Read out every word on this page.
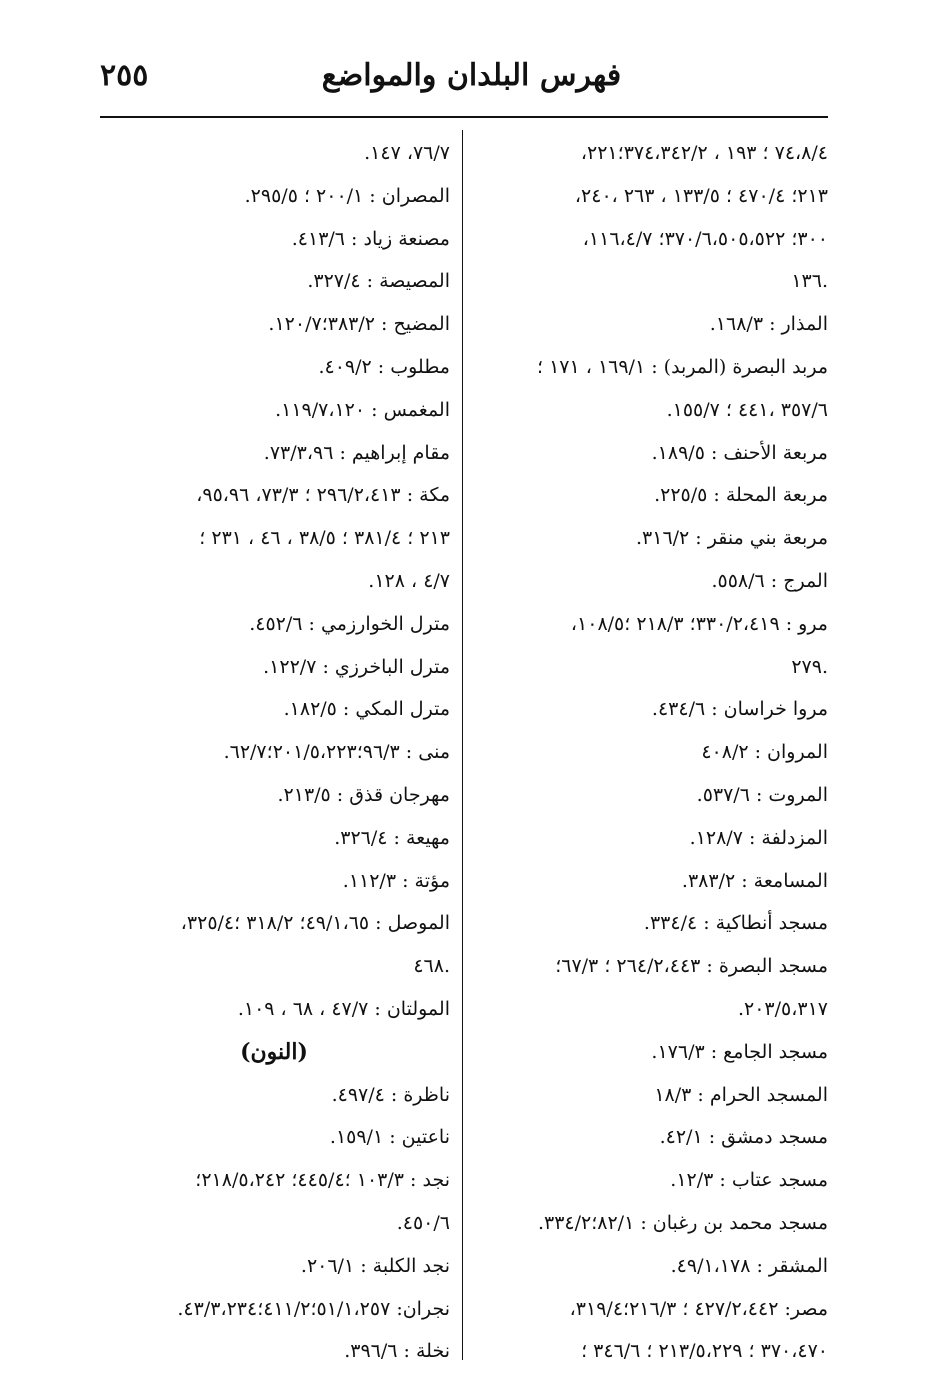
فهرس البلدان والمواضع
٢٥٥
٧٤،٨/٤ ؛ ١٩٣ ، ٣٧٤،٣٤٢/٢؛٢٢١،
٢١٣؛ ٤٧٠/٤ ؛ ١٣٣/٥ ، ٢٦٣ ،٢٤٠،
٣٠٠؛ ٣٧٠/٦،٥٠٥،٥٢٢؛ ١١٦،٤/٧،
.١٣٦
المذار : ١٦٨/٣.
مربد البصرة (المربد) : ١٦٩/١ ، ١٧١ ؛
٣٥٧/٦ ،٤٤١ ؛ ١٥٥/٧.
مربعة الأحنف : ١٨٩/٥.
مربعة المحلة : ٢٢٥/٥.
مربعة بني منقر : ٣١٦/٢.
المرج : ٥٥٨/٦.
مرو : ٣٣٠/٢،٤١٩؛ ٢١٨/٣ ؛١٠٨/٥،
.٢٧٩
مروا خراسان : ٤٣٤/٦.
المروان : ٤٠٨/٢
المروت : ٥٣٧/٦.
المزدلفة : ١٢٨/٧.
المسامعة : ٣٨٣/٢.
مسجد أنطاكية : ٣٣٤/٤.
مسجد البصرة : ٢٦٤/٢،٤٤٣ ؛ ٦٧/٣؛
٢٠٣/٥،٣١٧.
مسجد الجامع : ١٧٦/٣.
المسجد الحرام : ١٨/٣
مسجد دمشق : ٤٢/١.
مسجد عتاب : ١٢/٣.
مسجد محمد بن رغبان : ٨٢/١؛٣٣٤/٢.
المشقر : ٤٩/١،١٧٨.
مصر: ٤٢٧/٢،٤٤٢ ؛ ٢١٦/٣؛٣١٩/٤،
٣٧٠،٤٧٠ ؛ ٢١٣/٥،٢٢٩ ؛ ٣٤٦/٦ ؛
٧٦/٧، ١٤٧.
المصران : ٢٠٠/١ ؛ ٢٩٥/٥.
مصنعة زياد : ٤١٣/٦.
المصيصة : ٣٢٧/٤.
المضيح : ٣٨٣/٢؛١٢٠/٧.
مطلوب : ٤٠٩/٢.
المغمس : ١١٩/٧،١٢٠.
مقام إبراهيم : ٧٣/٣،٩٦.
مكة : ٢٩٦/٢،٤١٣ ؛ ٧٣/٣، ٩٥،٩٦،
٢١٣ ؛ ٣٨١/٤ ؛ ٣٨/٥ ، ٤٦ ، ٢٣١ ؛
٤/٧ ، ١٢٨.
مترل الخوارزمي : ٤٥٢/٦.
مترل الباخرزي : ١٢٢/٧.
مترل المكي : ١٨٢/٥.
منى : ٩٦/٣؛٢٠١/٥،٢٢٣؛٦٢/٧.
مهرجان قذق : ٢١٣/٥.
مهيعة : ٣٢٦/٤.
مؤتة : ١١٢/٣.
الموصل : ٤٩/١،٦٥؛ ٣١٨/٢ ؛٣٢٥/٤،
.٤٦٨
المولتان : ٤٧/٧ ، ٦٨ ، ١٠٩.
(النون)
ناظرة : ٤٩٧/٤.
ناعتين : ١٥٩/١.
نجد : ١٠٣/٣ ؛٤٤٥/٤؛ ٢١٨/٥،٢٤٢؛
٤٥٠/٦.
نجد الكلبة : ٢٠٦/١.
نجران: ٥١/١،٢٥٧؛٤١١/٢؛٤٣/٣،٢٣٤.
نخلة : ٣٩٦/٦.
